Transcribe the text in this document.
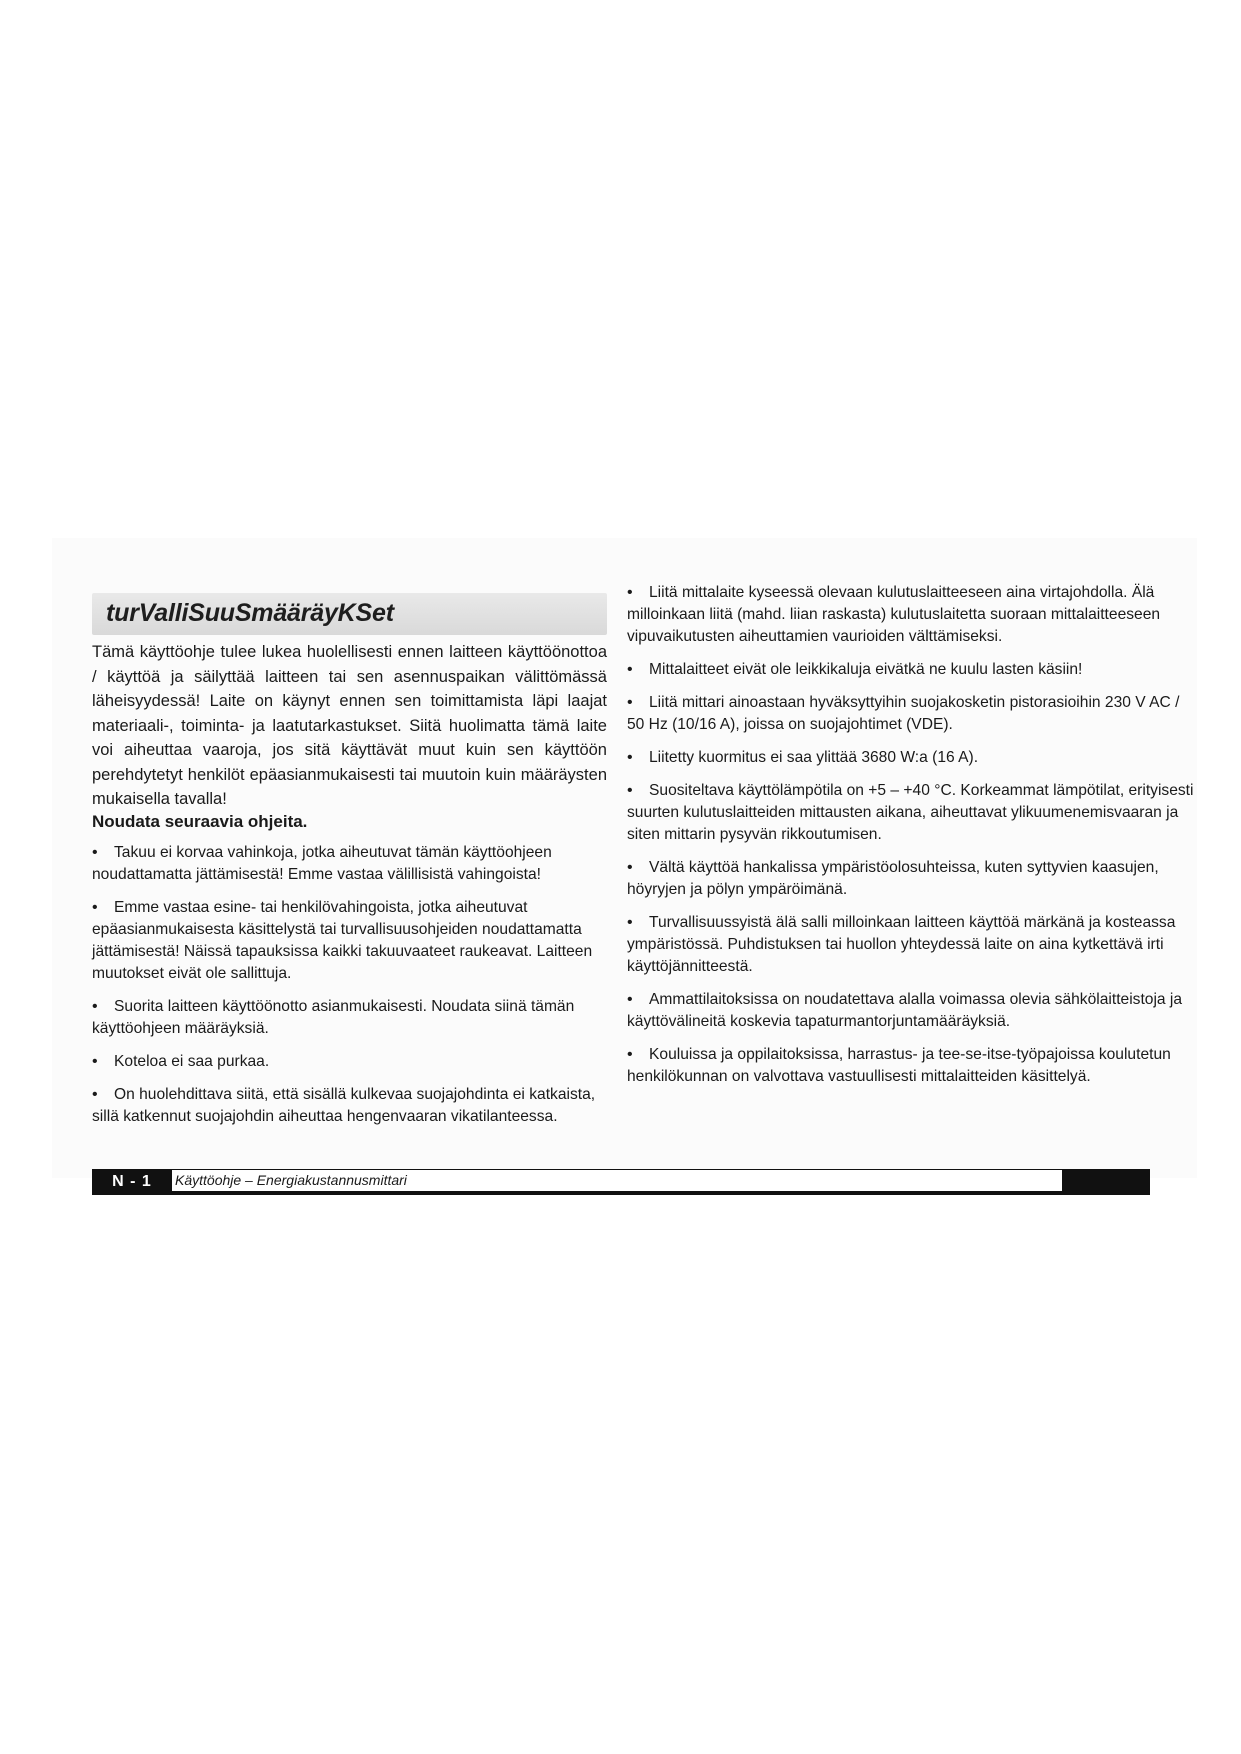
turValliSuuSmääräyKSet

Tämä käyttöohje tulee lukea huolellisesti ennen laitteen käyttöönottoa / käyttöä ja säilyttää laitteen tai sen asennuspaikan välittömässä läheisyydessä! Laite on käynyt ennen sen toimittamista läpi laajat materiaali-, toiminta- ja laatutarkastukset. Siitä huolimatta tämä laite voi aiheuttaa vaaroja, jos sitä käyttävät muut kuin sen käyttöön perehdytetyt henkilöt epäasianmukaisesti tai muutoin kuin määräysten mukaisella tavalla!

Noudata seuraavia ohjeita.

• Takuu ei korvaa vahinkoja, jotka aiheutuvat tämän käyttöohjeen noudattamatta jättämisestä! Emme vastaa välillisistä vahingoista!
• Emme vastaa esine- tai henkilövahingoista, jotka aiheutuvat epäasianmukaisesta käsittelystä tai turvallisuusohjeiden noudattamatta jättämisestä! Näissä tapauksissa kaikki takuuvaateet raukeavat. Laitteen muutokset eivät ole sallittuja.
• Suorita laitteen käyttöönotto asianmukaisesti. Noudata siinä tämän käyttöohjeen määräyksiä.
• Koteloa ei saa purkaa.
• On huolehdittava siitä, että sisällä kulkevaa suojajohdinta ei katkaista, sillä katkennut suojajohdin aiheuttaa hengenvaaran vikatilanteessa.
• Liitä mittalaite kyseessä olevaan kulutuslaitteeseen aina virtajohdolla. Älä milloinkaan liitä (mahd. liian raskasta) kulutuslaitetta suoraan mittalaitteeseen vipuvaikutusten aiheuttamien vaurioiden välttämiseksi.
• Mittalaitteet eivät ole leikkikaluja eivätkä ne kuulu lasten käsiin!
• Liitä mittari ainoastaan hyväksyttyihin suojakosketin pistorasioihin 230 V AC / 50 Hz (10/16 A), joissa on suojajohtimet (VDE).
• Liitetty kuormitus ei saa ylittää 3680 W:a (16 A).
• Suositeltava käyttölämpötila on +5 – +40 °C. Korkeammat lämpötilat, erityisesti suurten kulutuslaitteiden mittausten aikana, aiheuttavat ylikuumenemisvaaran ja siten mittarin pysyvän rikkoutumisen.
• Vältä käyttöä hankalissa ympäristöolosuhteissa, kuten syttyvien kaasujen, höyryjen ja pölyn ympäröimänä.
• Turvallisuussyistä älä salli milloinkaan laitteen käyttöä märkänä ja kosteassa ympäristössä. Puhdistuksen tai huollon yhteydessä laite on aina kytkettävä irti käyttöjännitteestä.
• Ammattilaitoksissa on noudatettava alalla voimassa olevia sähkölaitteistoja ja käyttövälineitä koskevia tapaturmantorjuntamääräyksiä.
• Kouluissa ja oppilaitoksissa, harrastus- ja tee-se-itse-työpajoissa koulutetun henkilökunnan on valvottava vastuullisesti mittalaitteiden käsittelyä.
N - 1	Käyttöohje – Energiakustannusmittari
